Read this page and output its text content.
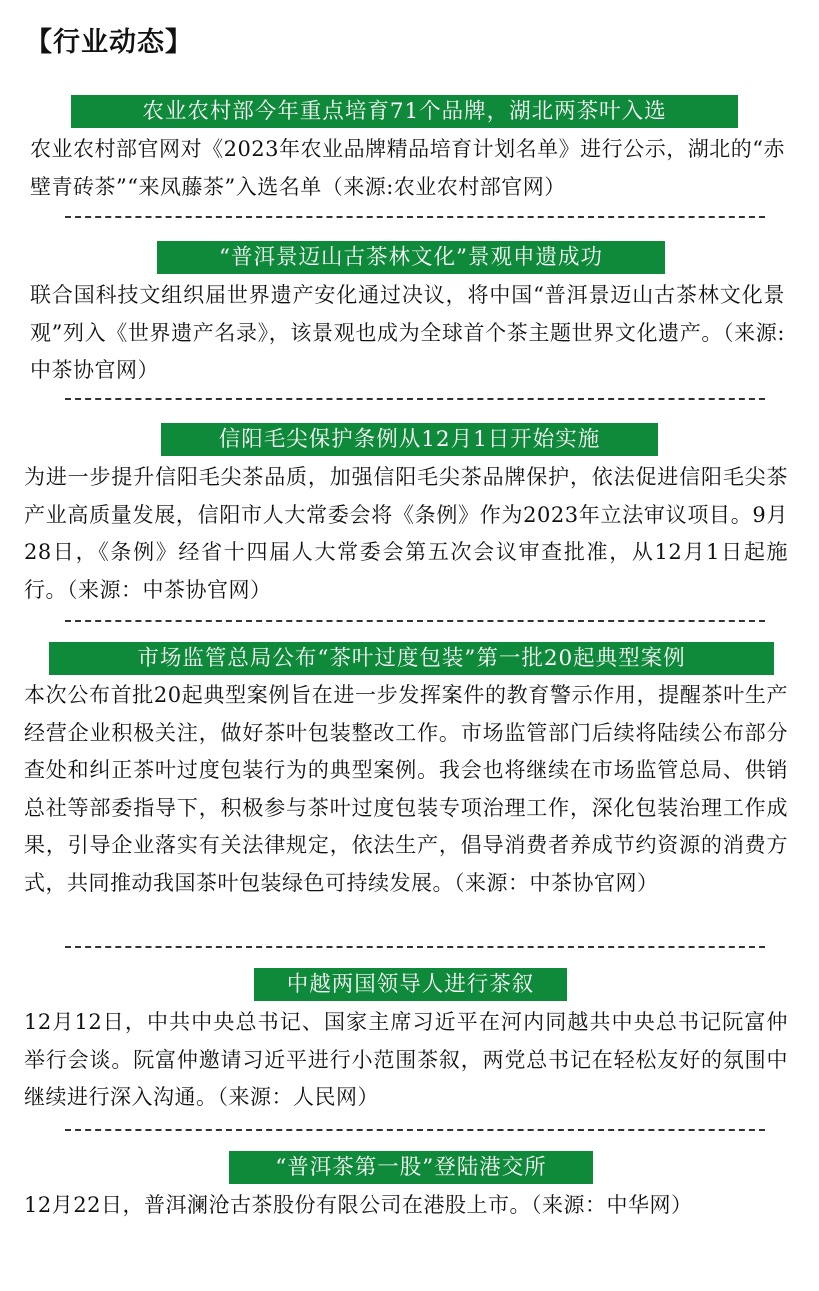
【行业动态】
农业农村部今年重点培育71个品牌，湖北两茶叶入选

农业农村部官网对《2023年农业品牌精品培育计划名单》进行公示，湖北的“赤壁青砖茶”“来凤藤茶”入选名单（来源:农业农村部官网）

“普洱景迈山古茶林文化”景观申遗成功

联合国科技文组织届世界遗产安化通过决议，将中国“普洱景迈山古茶林文化景观”列入《世界遗产名录》，该景观也成为全球首个茶主题世界文化遗产。（来源:中茶协官网）

信阳毛尖保护条例从12月1日开始实施

为进一步提升信阳毛尖茶品质，加强信阳毛尖茶品牌保护，依法促进信阳毛尖茶产业高质量发展，信阳市人大常委会将《条例》作为2023年立法审议项目。9月28日，《条例》经省十四届人大常委会第五次会议审查批准，从12月1日起施行。（来源：中茶协官网）

市场监管总局公布“茶叶过度包装”第一批20起典型案例

本次公布首批20起典型案例旨在进一步发挥案件的教育警示作用，提醒茶叶生产经营企业积极关注，做好茶叶包装整改工作。市场监管部门后续将陆续公布部分查处和纠正茶叶过度包装行为的典型案例。我会也将继续在市场监管总局、供销总社等部委指导下，积极参与茶叶过度包装专项治理工作，深化包装治理工作成果，引导企业落实有关法律规定，依法生产，倡导消费者养成节约资源的消费方式，共同推动我国茶叶包装绿色可持续发展。（来源：中茶协官网）

中越两国领导人进行茶叙

12月12日，中共中央总书记、国家主席习近平在河内同越共中央总书记阮富仲举行会谈。阮富仲邀请习近平进行小范围茶叙，两党总书记在轻松友好的氛围中继续进行深入沟通。（来源：人民网）

“普洱茶第一股”登陆港交所

12月22日，普洱澜沧古茶股份有限公司在港股上市。（来源：中华网）
